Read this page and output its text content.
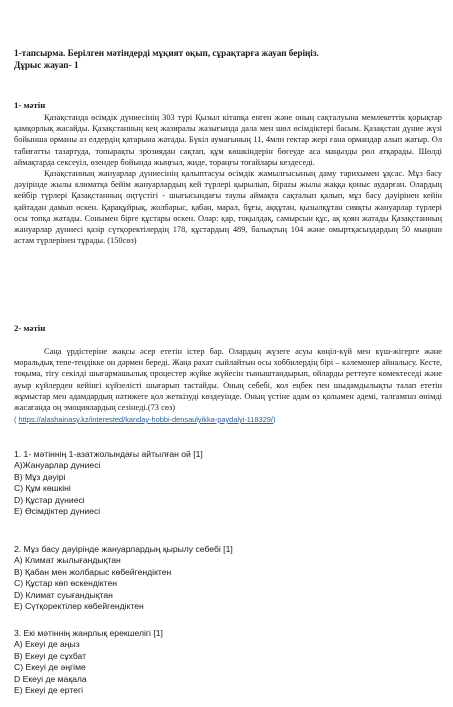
1-тапсырма. Берілген мәтіндерді мұқият оқып, сұрақтарға жауап беріңіз.
Дұрыс жауап- 1
1- мәтін

Қазақстанда өсімдік дүниесінің 303 түрі Қызыл кітапқа енген және оның сақталуына мемлекеттік қорықтар қамқорлық жасайды. Қазақстанның кең жазиралы жазығында дала мен шөл өсімдіктері басым. Қазақстан дүние жүзі бойынша орманы аз елдердің қатарына жатады. Бүкіл аумағының 11, 4млн гектар жері ғана ормандар алып жатыр. Ол табиғатты тазартуда, топырақты эрозиядан сақтап, құм көшкіндерін бөгеуде аса маңызды рөл атқарады. Шөлді аймақтарда сексеуіл, өзендер бойында жыңғыл, жиде, тораңғы тоғайлары кездеседі.

Қазақстанның жануарлар дүниесінің қалыптасуы өсімдік жамылғысының даму тарихымен ұқсас. Мұз басу дәуірінде жылы климатқа бейім жануарлардың кей түрлері қырылып, бірazы жылы жаққа қоныс аударған. Олардың кейбір түрлері Қазақстанның оңтүстігі - шығысындағы таулы аймақта сақталып қалып, мұз басу дәуірінен кейін қайтадан дамып өскен. Қарақұйрық, жолбарыс, қабан, марал, бұғы, аққұтан, қызылқұтан сияқты жануарлар түрлері осы топқа жатады. Сонымен бірге құстары өскен. Олар: қар, тоқылдақ, самырсын құс, ақ қоян жатады Қазақстанның жануарлар дүниесі қазір сүтқоректілердің 178, құстардың 489, балықтың 104 және омыртқасыздардың 50 мыңнан астам түрлерінен тұрады. (150сөз)

2- мәтін

Саңа үрдістеріне жақсы әсер ететін істер бар. Олардың жүзеге асуы көңіл-күй мен күш-жігерге және моральдық тепе-теңдікке он дәрмен береді. Жаңа рахат сыйлайтын осы хоббилердің бірі – кәлемөнер айналысу. Кесте, тоқыма, тігу секілді шығармашылық процестер жүйке жүйесін тыныштандырып, ойларды реттеуге көмектеседі және ауыр күйлерден кейінгі күйзелісті шығарып тастайды. Оның себебі, кол еңбек пен шыдамдылықты талап ететін жұмыстар мен адамдардың нәтижеге қол жеткізуді көздеуінде. Оның үстіне адам өз қолымен әдемі, талғампаз өнімді жасағанда оң эмоциялардың сезінеді.(73 сөз)

( https://alashainasy.kz/interested/kanday-hobbi-densaulyikka-paydalyi-118329/)
1. 1- мәтіннің 1-азатжолындағы айтылған ой [1]
A)Жануарлар дүниесі
B) Мұз дәуірі
C) Құм көшкіні
D) Құстар дүниесі
E) Өсімдіктер дүниесі
2. Мұз басу дәуірінде жануарлардың қырылу себебі [1]
A) Климат жылығандықтан
B) Қабан мен жолбарыс көбейгендіктен
C) Құстар көп өскендіктен
D) Климат суығандықтан
E) Сүтқоректілер көбейгендіктен
3. Екі мәтіннің жанрлық ерекшелігі [1]
A) Екеуі де аңыз
B) Екеуі де сұхбат
C) Екеуі де әңгіме
D Екеуі де мақала
E) Екеуі де ертегі
